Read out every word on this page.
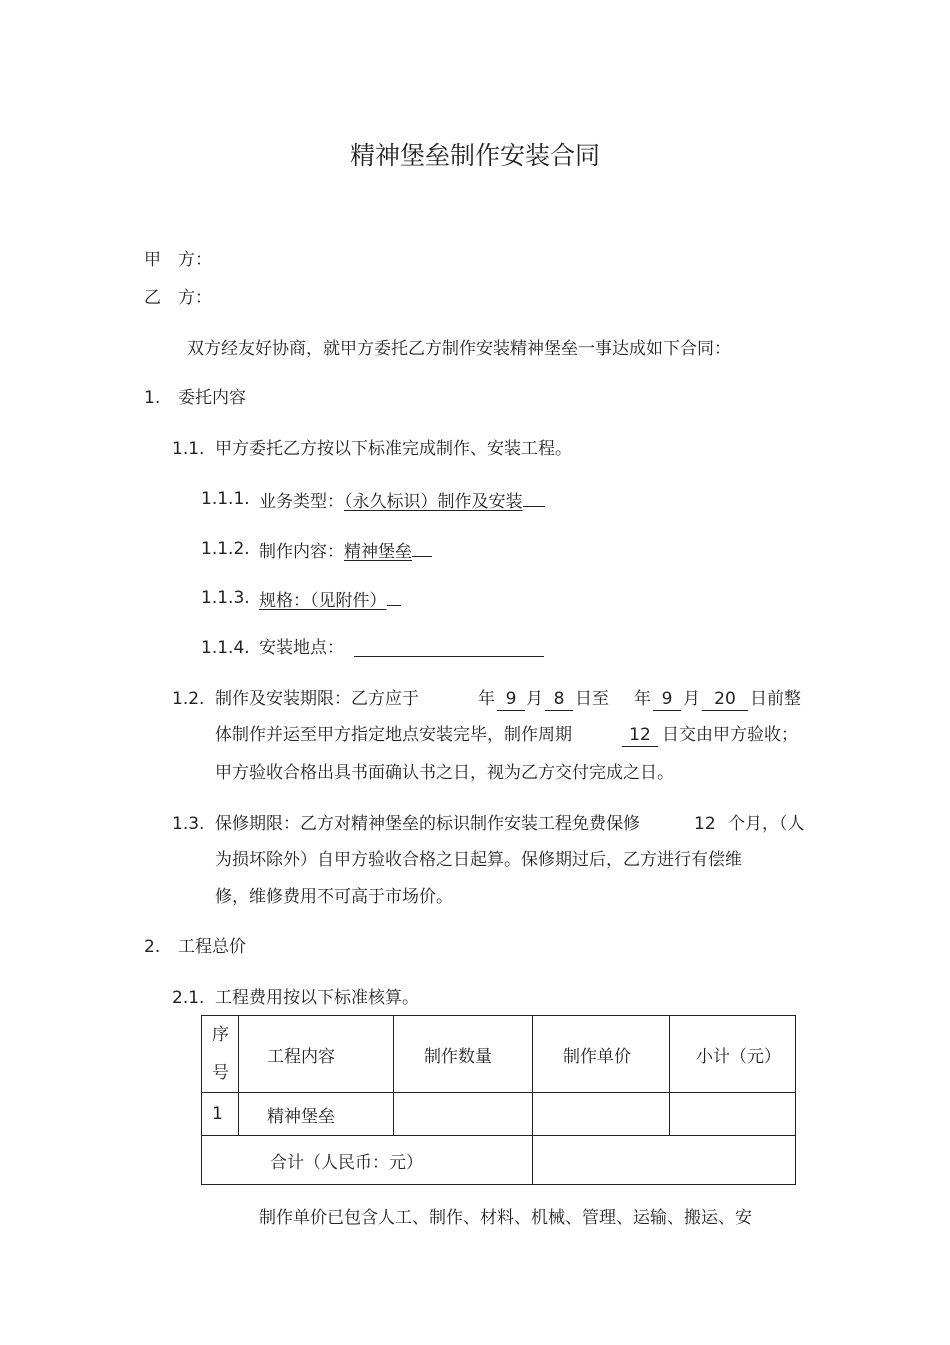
精神堡垒制作安装合同
甲　方：
乙　方：
双方经友好协商，就甲方委托乙方制作安装精神堡垒一事达成如下合同：
1. 委托内容
1.1. 甲方委托乙方按以下标准完成制作、安装工程。
1.1.1. 业务类型：（永久标识）制作及安装
1.1.2. 制作内容：精神堡垒
1.1.3. 规格：（见附件）
1.1.4. 安装地点：
1.2. 制作及安装期限：乙方应于	年 9 月 8 日至 年 9 月 20 日前整
体制作并运至甲方指定地点安装完毕，制作周期	12 日交由甲方验收；
甲方验收合格出具书面确认书之日，视为乙方交付完成之日。
1.3. 保修期限：乙方对精神堡垒的标识制作安装工程免费保修	12 个月，（人
为损坏除外）自甲方验收合格之日起算。保修期过后，乙方进行有偿维
修，维修费用不可高于市场价。
2. 工程总价
2.1. 工程费用按以下标准核算。
序
号	工程内容	制作数量	制作单价	小计（元）
1	精神堡垒			
合计（人民币：元）				
制作单价已包含人工、制作、材料、机械、管理、运输、搬运、安
